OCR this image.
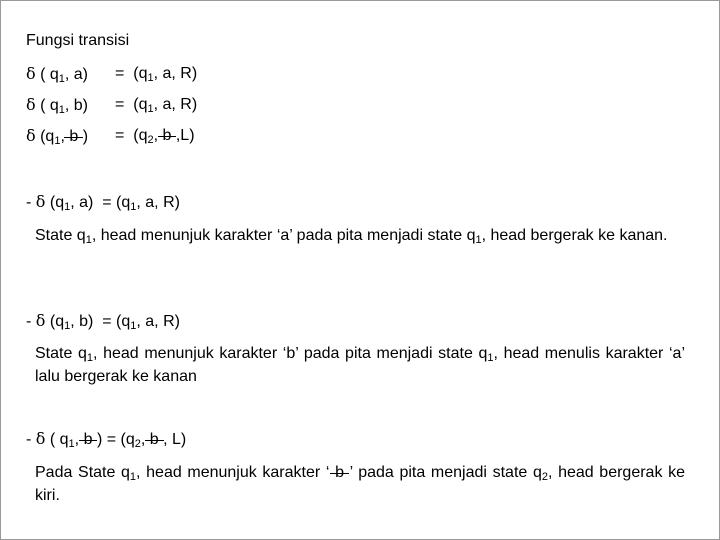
Fungsi transisi
δ ( $q_1$, $a) = (q_1$, a, R)
δ ( $q_1$, $b) = (q_1$, a, R)
δ ($q_1$, b ) = ($q_2$, b ,L)
- δ ($q_1$, $a) = (q_1$, a, R)
State $q_1$, head menunjuk karakter ‘a’ pada pita menjadi state $q_1$, head bergerak ke kanan.
- δ ($q_1$, $b) = (q_1$, a, R)
State $q_1$, head menunjuk karakter ‘b’ pada pita menjadi state $q_1$, head menulis karakter ‘a’ lalu bergerak ke kanan
- δ ( $q_1$, b ) = ($q_2$, b , L)
Pada State $q_1$, head menunjuk karakter ‘ b ’ pada pita menjadi state $q_2$, head bergerak ke kiri.
